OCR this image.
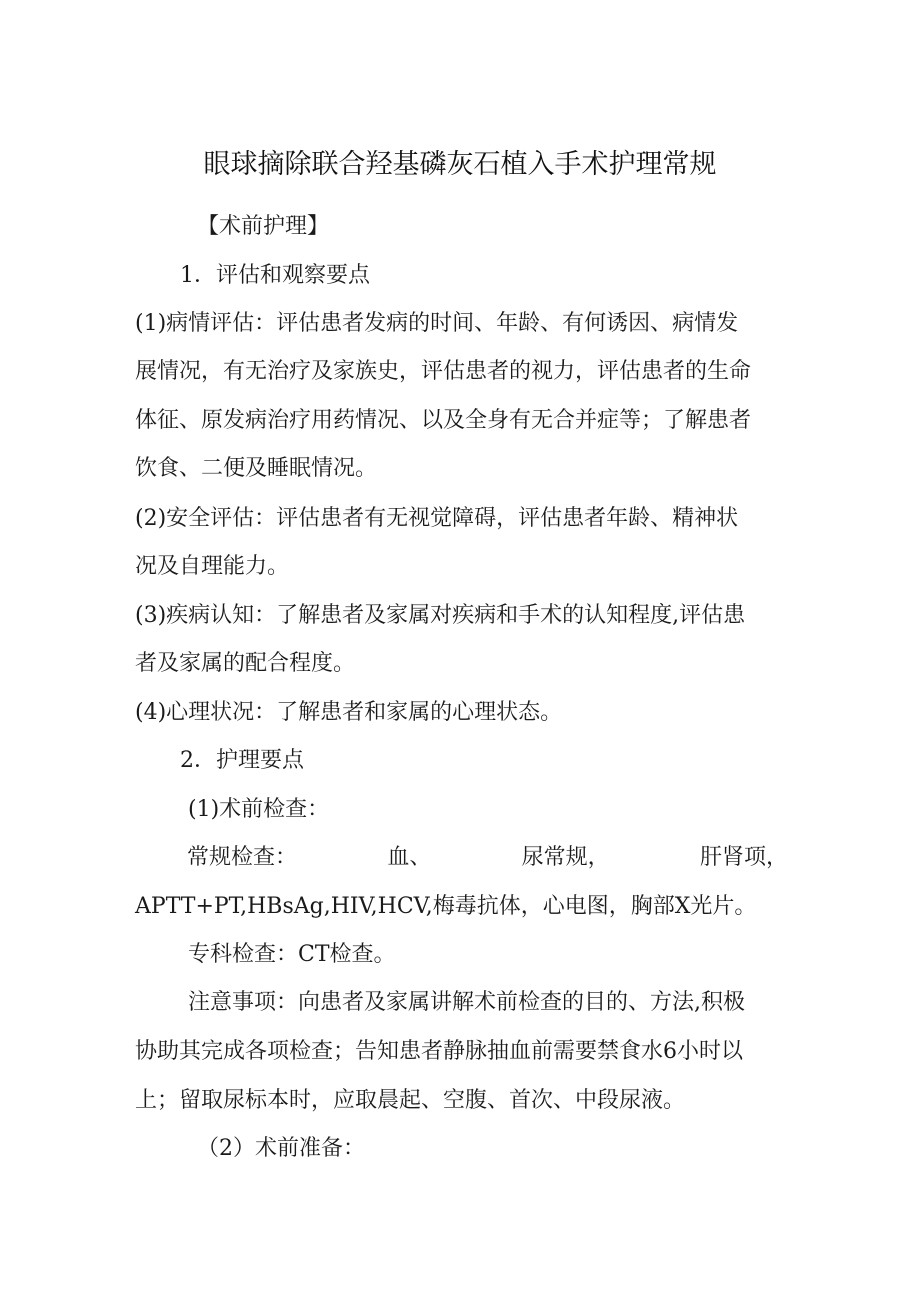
眼球摘除联合羟基磷灰石植入手术护理常规
【术前护理】
1．评估和观察要点
(1)病情评估：评估患者发病的时间、年龄、有何诱因、病情发
展情况，有无治疗及家族史，评估患者的视力，评估患者的生命
体征、原发病治疗用药情况、以及全身有无合并症等；了解患者
饮食、二便及睡眠情况。
(2)安全评估：评估患者有无视觉障碍，评估患者年龄、精神状
况及自理能力。
(3)疾病认知：了解患者及家属对疾病和手术的认知程度,评估患
者及家属的配合程度。
(4)心理状况：了解患者和家属的心理状态。
2．护理要点
(1)术前检查：
常规检查：	血、	尿常规，	肝肾项，
APTT+PT,HBsAg,HIV,HCV,梅毒抗体，心电图，胸部X光片。
专科检查：CT检查。
注意事项：向患者及家属讲解术前检查的目的、方法,积极
协助其完成各项检查；告知患者静脉抽血前需要禁食水6小时以
上；留取尿标本时，应取晨起、空腹、首次、中段尿液。
（2）术前准备：
